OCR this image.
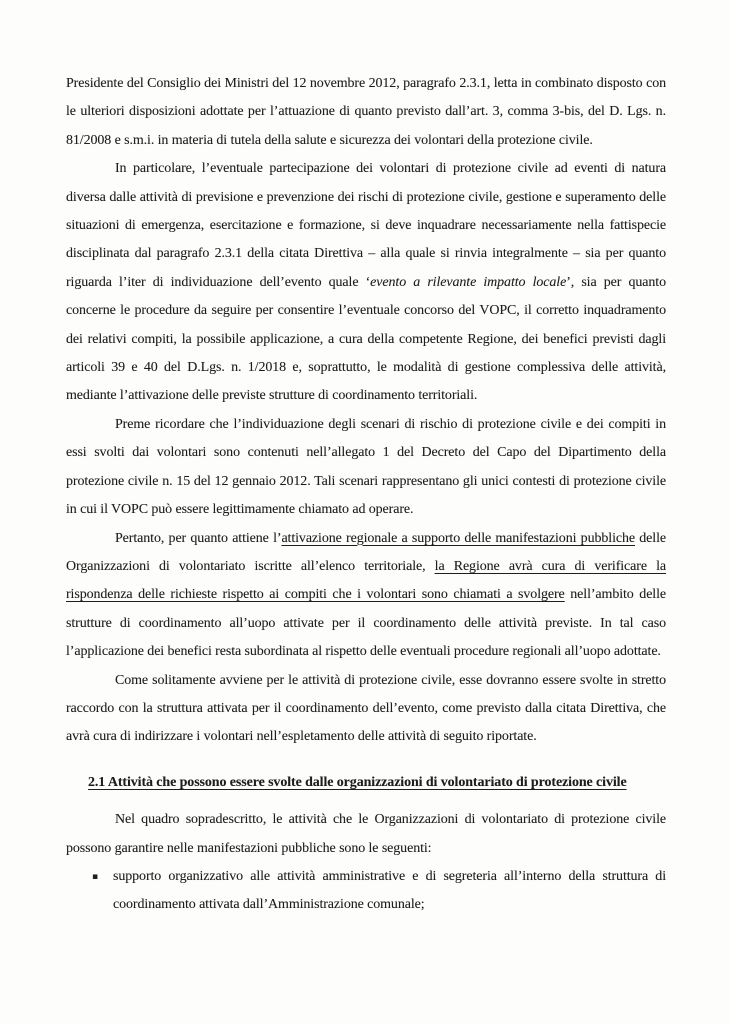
Presidente del Consiglio dei Ministri del 12 novembre 2012, paragrafo 2.3.1, letta in combinato disposto con le ulteriori disposizioni adottate per l’attuazione di quanto previsto dall’art. 3, comma 3-bis, del D. Lgs. n. 81/2008 e s.m.i. in materia di tutela della salute e sicurezza dei volontari della protezione civile.

In particolare, l’eventuale partecipazione dei volontari di protezione civile ad eventi di natura diversa dalle attività di previsione e prevenzione dei rischi di protezione civile, gestione e superamento delle situazioni di emergenza, esercitazione e formazione, si deve inquadrare necessariamente nella fattispecie disciplinata dal paragrafo 2.3.1 della citata Direttiva – alla quale si rinvia integralmente – sia per quanto riguarda l’iter di individuazione dell’evento quale ‘evento a rilevante impatto locale’, sia per quanto concerne le procedure da seguire per consentire l’eventuale concorso del VOPC, il corretto inquadramento dei relativi compiti, la possibile applicazione, a cura della competente Regione, dei benefici previsti dagli articoli 39 e 40 del D.Lgs. n. 1/2018 e, soprattutto, le modalità di gestione complessiva delle attività, mediante l’attivazione delle previste strutture di coordinamento territoriali.

Preme ricordare che l’individuazione degli scenari di rischio di protezione civile e dei compiti in essi svolti dai volontari sono contenuti nell’allegato 1 del Decreto del Capo del Dipartimento della protezione civile n. 15 del 12 gennaio 2012. Tali scenari rappresentano gli unici contesti di protezione civile in cui il VOPC può essere legittimamente chiamato ad operare.

Pertanto, per quanto attiene l’attivazione regionale a supporto delle manifestazioni pubbliche delle Organizzazioni di volontariato iscritte all’elenco territoriale, la Regione avrà cura di verificare la rispondenza delle richieste rispetto ai compiti che i volontari sono chiamati a svolgere nell’ambito delle strutture di coordinamento all’uopo attivate per il coordinamento delle attività previste. In tal caso l’applicazione dei benefici resta subordinata al rispetto delle eventuali procedure regionali all’uopo adottate.

Come solitamente avviene per le attività di protezione civile, esse dovranno essere svolte in stretto raccordo con la struttura attivata per il coordinamento dell’evento, come previsto dalla citata Direttiva, che avrà cura di indirizzare i volontari nell’espletamento delle attività di seguito riportate.

2.1 Attività che possono essere svolte dalle organizzazioni di volontariato di protezione civile

Nel quadro sopradescritto, le attività che le Organizzazioni di volontariato di protezione civile possono garantire nelle manifestazioni pubbliche sono le seguenti:

▪	supporto organizzativo alle attività amministrative e di segreteria all’interno della struttura di coordinamento attivata dall’Amministrazione comunale;
